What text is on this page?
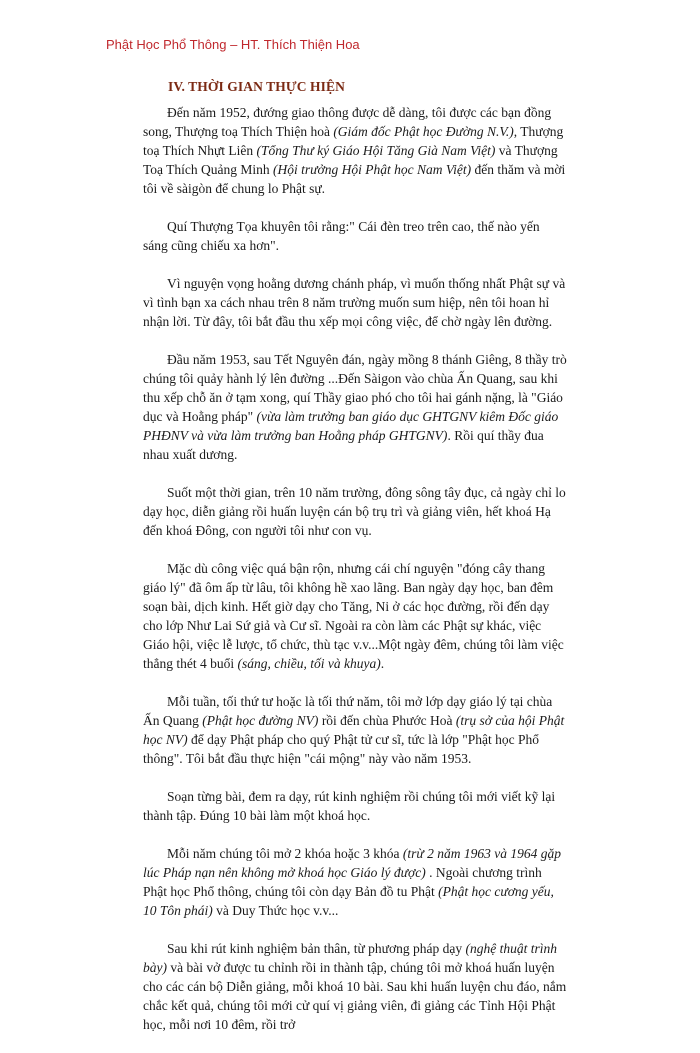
Phật Học Phổ Thông – HT. Thích Thiện Hoa
IV. THỜI GIAN THỰC HIỆN

Đến năm 1952, đướng giao thông được dễ dàng, tôi được các bạn đồng song, Thượng toạ Thích Thiện hoà (Giám đốc Phật học Đường N.V.), Thượng toạ Thích Nhựt Liên (Tổng Thư ký Giáo Hội Tăng Già Nam Việt) và Thượng Toạ Thích Quảng Minh (Hội trưởng Hội Phật học Nam Việt) đến thăm và mời tôi về sàigòn để chung lo Phật sự.

Quí Thượng Tọa khuyên tôi rằng:" Cái đèn treo trên cao, thế nào yến sáng cũng chiếu xa hơn".

Vì nguyện vọng hoằng dương chánh pháp, vì muốn thống nhất Phật sự và vì tình bạn xa cách nhau trên 8 năm trường muốn sum hiệp, nên tôi hoan hỉ nhận lời. Từ đây, tôi bắt đầu thu xếp mọi công việc, để chờ ngày lên đường.

Đầu năm 1953, sau Tết Nguyên đán, ngày mồng 8 thánh Giêng, 8 thầy trò chúng tôi quảy hành lý lên đường ...Đến Sàigon vào chùa Ấn Quang, sau khi thu xếp chỗ ăn ở tạm xong, quí Thầy giao phó cho tôi hai gánh nặng, là "Giáo dục và Hoằng pháp" (vừa làm trưởng ban giáo dục GHTGNV kiêm Đốc giáo PHĐNV và vừa làm trưởng ban Hoằng pháp GHTGNV). Rồi quí thầy đua nhau xuất dương.

Suốt một thời gian, trên 10 năm trường, đông sông tây đục, cả ngày chỉ lo dạy học, diễn giảng rồi huấn luyện cán bộ trụ trì và giảng viên, hết khoá Hạ đến khoá Đông, con người tôi như con vụ.

Mặc dù công việc quá bận rộn, nhưng cái chí nguyện "đóng cây thang giáo lý" đã ôm ấp từ lâu, tôi không hề xao lãng. Ban ngày dạy học, ban đêm soạn bài, dịch kinh. Hết giờ dạy cho Tăng, Ni ở các học đường, rồi đến dạy cho lớp Như Lai Sứ giả và Cư sĩ. Ngoài ra còn làm các Phật sự khác, việc Giáo hội, việc lễ lược, tổ chức, thù tạc v.v...Một ngày đêm, chúng tôi làm việc thẳng thét 4 buổi (sáng, chiều, tối và khuya).

Mỗi tuần, tối thứ tư hoặc là tối thứ năm, tôi mở lớp dạy giáo lý tại chùa Ấn Quang (Phật học đường NV) rồi đến chùa Phước Hoà (trụ sở của hội Phật học NV) để dạy Phật pháp cho quý Phật tử cư sĩ, tức là lớp "Phật học Phổ thông". Tôi bắt đầu thực hiện "cái mộng" này vào năm 1953.

Soạn từng bài, đem ra dạy, rút kinh nghiệm rồi chúng tôi mới viết kỹ lại thành tập. Đúng 10 bài làm một khoá học.

Mỗi năm chúng tôi mở 2 khóa hoặc 3 khóa (trừ 2 năm 1963 và 1964 gặp lúc Pháp nạn nên không mở khoá học Giáo lý được) . Ngoài chương trình Phật học Phổ thông, chúng tôi còn dạy Bản đồ tu Phật (Phật học cương yếu, 10 Tôn phái) và Duy Thức học v.v...

Sau khi rút kinh nghiệm bản thân, từ phương pháp dạy (nghệ thuật trình bày) và bài vở được tu chỉnh rồi in thành tập, chúng tôi mở khoá huấn luyện cho các cán bộ Diễn giảng, mỗi khoá 10 bài. Sau khi huấn luyện chu đáo, nắm chắc kết quả, chúng tôi mới cử quí vị giảng viên, đi giảng các Tỉnh Hội Phật học, mỗi nơi 10 đêm, rồi trở
